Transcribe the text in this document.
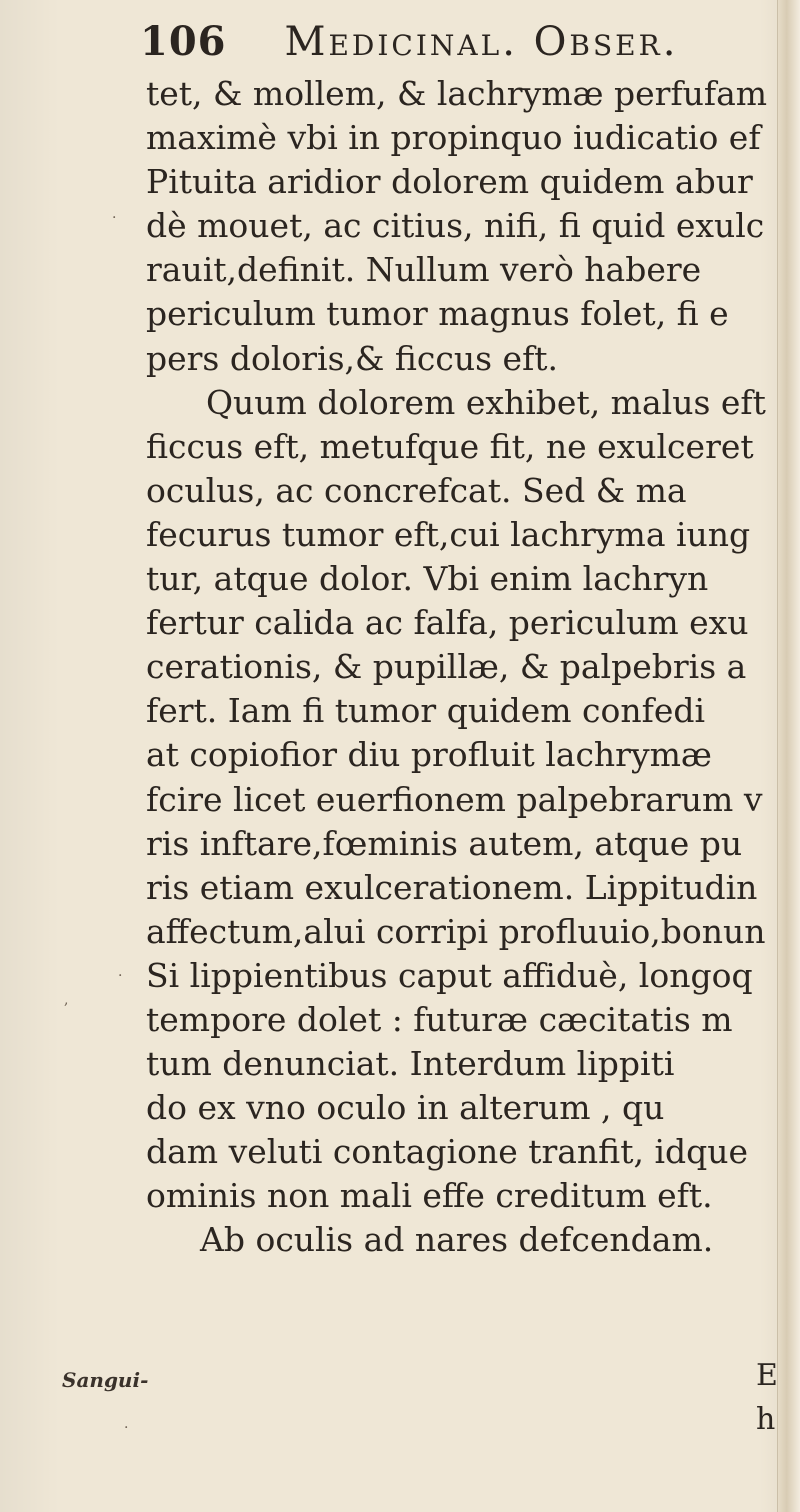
106 Medicinal. Obser.
tet, & mollem, & lachrymæ perfufam
maximè vbi in propinquo iudicatio ef
Pituita aridior dolorem quidem abur
dè mouet, ac citius, nifi, fi quid exulc
rauit,definit. Nullum verò habere
periculum tumor magnus folet, fi e
pers doloris,& ficcus eft.
Quum dolorem exhibet, malus eft
ficcus eft, metufque fit, ne exulceret
oculus, ac concrefcat. Sed & ma
fecurus tumor eft,cui lachryma iung
tur, atque dolor. Vbi enim lachryn
fertur calida ac falfa, periculum exu
cerationis, & pupillæ, & palpebris a
fert. Iam fi tumor quidem confedi
at copiofior diu profluit lachrymæ
fcire licet euerfionem palpebrarum v
ris inftare,fœminis autem, atque pu
ris etiam exulcerationem. Lippitudin
affectum,alui corripi profluuio,bonun
Si lippientibus caput affiduè, longoq
tempore dolet : futuræ cæcitatis m
tum denunciat. Interdum lippiti
do ex vno oculo in alterum , qu
dam veluti contagione tranfit, idque
ominis non mali effe creditum eft.
Ab oculis ad nares defcendam.
Sangui-	E
h
·
·
,
·
